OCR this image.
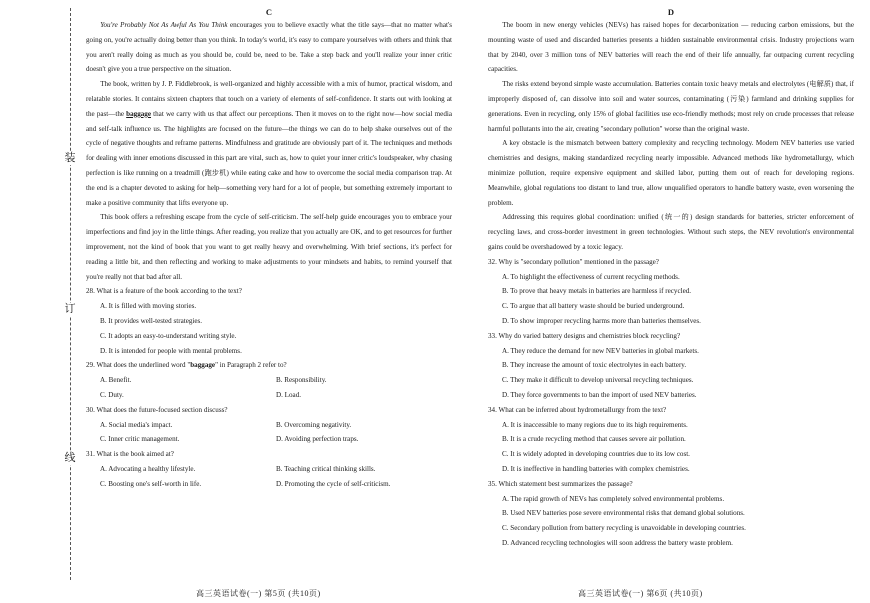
装
订
线
C

You're Probably Not As Awful As You Think encourages you to believe exactly what the title says—that no matter what's going on, you're actually doing better than you think. In today's world, it's easy to compare yourselves with others and think that you aren't really doing as much as you should be, could be, need to be. Take a step back and you'll realize your inner critic doesn't give you a true perspective on the situation.

The book, written by J. P. Fiddlebrook, is well-organized and highly accessible with a mix of humor, practical wisdom, and relatable stories. It contains sixteen chapters that touch on a variety of elements of self-confidence. It starts out with looking at the past—the baggage that we carry with us that affect our perceptions. Then it moves on to the right now—how social media and self-talk influence us. The highlights are focused on the future—the things we can do to help shake ourselves out of the cycle of negative thoughts and reframe patterns. Mindfulness and gratitude are obviously part of it. The techniques and methods for dealing with inner emotions discussed in this part are vital, such as, how to quiet your inner critic's loudspeaker, why chasing perfection is like running on a treadmill (跑步机) while eating cake and how to overcome the social media comparison trap. At the end is a chapter devoted to asking for help—something very hard for a lot of people, but something extremely important to make a positive community that lifts everyone up.

This book offers a refreshing escape from the cycle of self-criticism. The self-help guide encourages you to embrace your imperfections and find joy in the little things. After reading, you realize that you actually are OK, and to get resources for further improvement, not the kind of book that you want to get really heavy and overwhelming. With brief sections, it's perfect for reading a little bit, and then reflecting and working to make adjustments to your mindsets and habits, to remind yourself that you're really not that bad after all.

28. What is a feature of the book according to the text?
A. It is filled with moving stories.
B. It provides well-tested strategies.
C. It adopts an easy-to-understand writing style.
D. It is intended for people with mental problems.
29. What does the underlined word "baggage" in Paragraph 2 refer to?
A. Benefit.	B. Responsibility.
C. Duty.	D. Load.
30. What does the future-focused section discuss?
A. Social media's impact.	B. Overcoming negativity.
C. Inner critic management.	D. Avoiding perfection traps.
31. What is the book aimed at?
A. Advocating a healthy lifestyle.	B. Teaching critical thinking skills.
C. Boosting one's self-worth in life.	D. Promoting the cycle of self-criticism.
D

The boom in new energy vehicles (NEVs) has raised hopes for decarbonization — reducing carbon emissions, but the mounting waste of used and discarded batteries presents a hidden sustainable environmental crisis. Industry projections warn that by 2040, over 3 million tons of NEV batteries will reach the end of their life annually, far outpacing current recycling capacities.

The risks extend beyond simple waste accumulation. Batteries contain toxic heavy metals and electrolytes (电解质) that, if improperly disposed of, can dissolve into soil and water sources, contaminating (污染) farmland and drinking supplies for generations. Even in recycling, only 15% of global facilities use eco-friendly methods; most rely on crude processes that release harmful pollutants into the air, creating "secondary pollution" worse than the original waste.

A key obstacle is the mismatch between battery complexity and recycling technology. Modern NEV batteries use varied chemistries and designs, making standardized recycling nearly impossible. Advanced methods like hydrometallurgy, which minimize pollution, require expensive equipment and skilled labor, putting them out of reach for developing regions. Meanwhile, global regulations too distant to land true, allow unqualified operators to handle battery waste, even worsening the problem.

Addressing this requires global coordination: unified (统一的) design standards for batteries, stricter enforcement of recycling laws, and cross-border investment in green technologies. Without such steps, the NEV revolution's environmental gains could be overshadowed by a toxic legacy.

32. Why is "secondary pollution" mentioned in the passage?
A. To highlight the effectiveness of current recycling methods.
B. To prove that heavy metals in batteries are harmless if recycled.
C. To argue that all battery waste should be buried underground.
D. To show improper recycling harms more than batteries themselves.
33. Why do varied battery designs and chemistries block recycling?
A. They reduce the demand for new NEV batteries in global markets.
B. They increase the amount of toxic electrolytes in each battery.
C. They make it difficult to develop universal recycling techniques.
D. They force governments to ban the import of used NEV batteries.
34. What can be inferred about hydrometallurgy from the text?
A. It is inaccessible to many regions due to its high requirements.
B. It is a crude recycling method that causes severe air pollution.
C. It is widely adopted in developing countries due to its low cost.
D. It is ineffective in handling batteries with complex chemistries.
35. Which statement best summarizes the passage?
A. The rapid growth of NEVs has completely solved environmental problems.
B. Used NEV batteries pose severe environmental risks that demand global solutions.
C. Secondary pollution from battery recycling is unavoidable in developing countries.
D. Advanced recycling technologies will soon address the battery waste problem.
高三英语试卷(一) 第5页 (共10页)	高三英语试卷(一) 第6页 (共10页)
